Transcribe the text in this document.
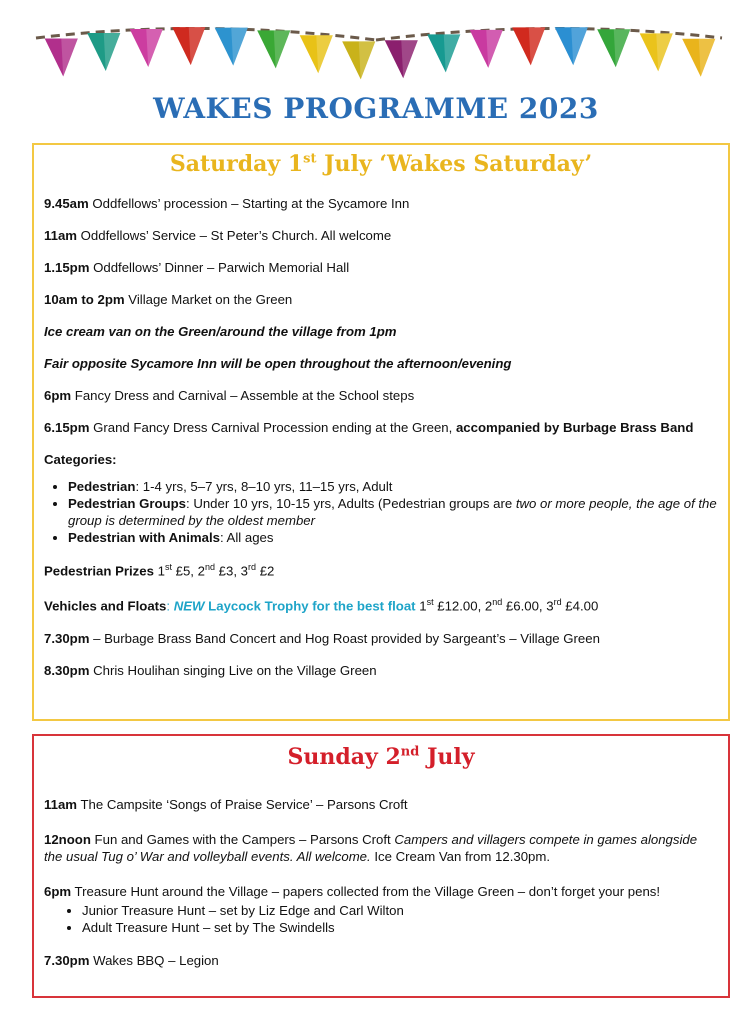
WAKES PROGRAMME 2023
Saturday 1st July ‘Wakes Saturday’

9.45am Oddfellows’ procession – Starting at the Sycamore Inn

11am Oddfellows’ Service – St Peter’s Church. All welcome

1.15pm Oddfellows’ Dinner – Parwich Memorial Hall

10am to 2pm Village Market on the Green

Ice cream van on the Green/around the village from 1pm

Fair opposite Sycamore Inn will be open throughout the afternoon/evening

6pm Fancy Dress and Carnival – Assemble at the School steps

6.15pm Grand Fancy Dress Carnival Procession ending at the Green, accompanied by Burbage Brass Band

Categories:

• Pedestrian: 1-4 yrs, 5–7 yrs, 8–10 yrs, 11–15 yrs, Adult
• Pedestrian Groups: Under 10 yrs, 10-15 yrs, Adults (Pedestrian groups are two or more people, the age of the group is determined by the oldest member
• Pedestrian with Animals: All ages

Pedestrian Prizes 1st £5, 2nd £3, 3rd £2

Vehicles and Floats: NEW Laycock Trophy for the best float 1st £12.00, 2nd £6.00, 3rd £4.00

7.30pm – Burbage Brass Band Concert and Hog Roast provided by Sargeant’s – Village Green

8.30pm Chris Houlihan singing Live on the Village Green

Sunday 2nd July

11am The Campsite ‘Songs of Praise Service’ – Parsons Croft

12noon Fun and Games with the Campers – Parsons Croft Campers and villagers compete in games alongside the usual Tug o’ War and volleyball events. All welcome. Ice Cream Van from 12.30pm.

6pm Treasure Hunt around the Village – papers collected from the Village Green – don’t forget your pens!

• Junior Treasure Hunt – set by Liz Edge and Carl Wilton
• Adult Treasure Hunt – set by The Swindells

7.30pm Wakes BBQ – Legion
